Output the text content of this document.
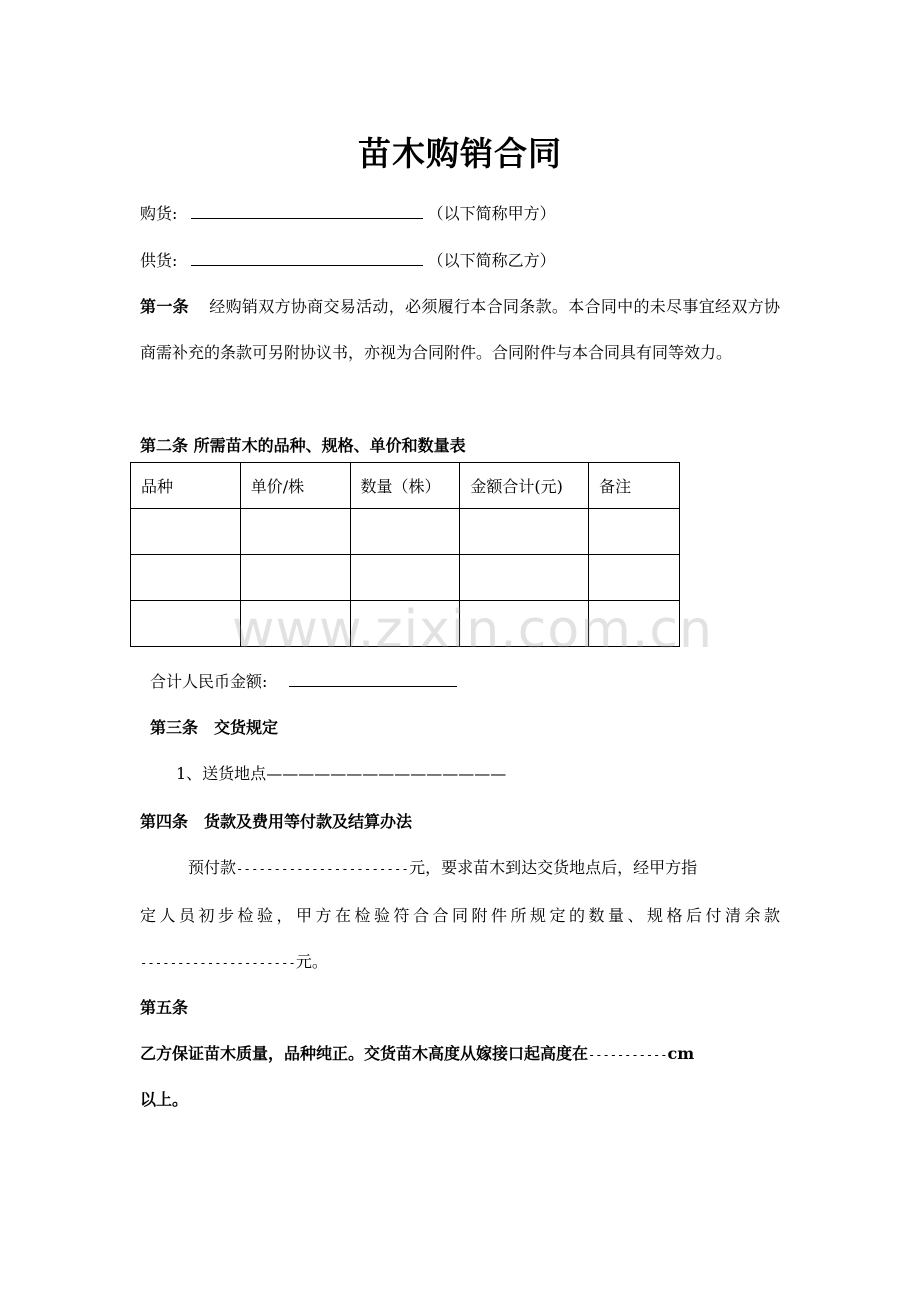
苗木购销合同
购货:	（以下简称甲方）
供货:	（以下简称乙方）
第一条 经购销双方协商交易活动，必须履行本合同条款。本合同中的未尽事宜经双方协商需补充的条款可另附协议书，亦视为合同附件。合同附件与本合同具有同等效力。
第二条 所需苗木的品种、规格、单价和数量表
品种	单价/株	数量（株）	金额合计(元)	备注

www.zixin.com.cn
合计人民币金额:
第三条　交货规定
1、送货地点———————————————
第四条　货款及费用等付款及结算办法
预付款-----------------------元，要求苗木到达交货地点后，经甲方指
定人员初步检验，甲方在检验符合合同附件所规定的数量、规格后付清余款
---------------------元。
第五条
乙方保证苗木质量，品种纯正。交货苗木高度从嫁接口起高度在-----------cm
以上。
